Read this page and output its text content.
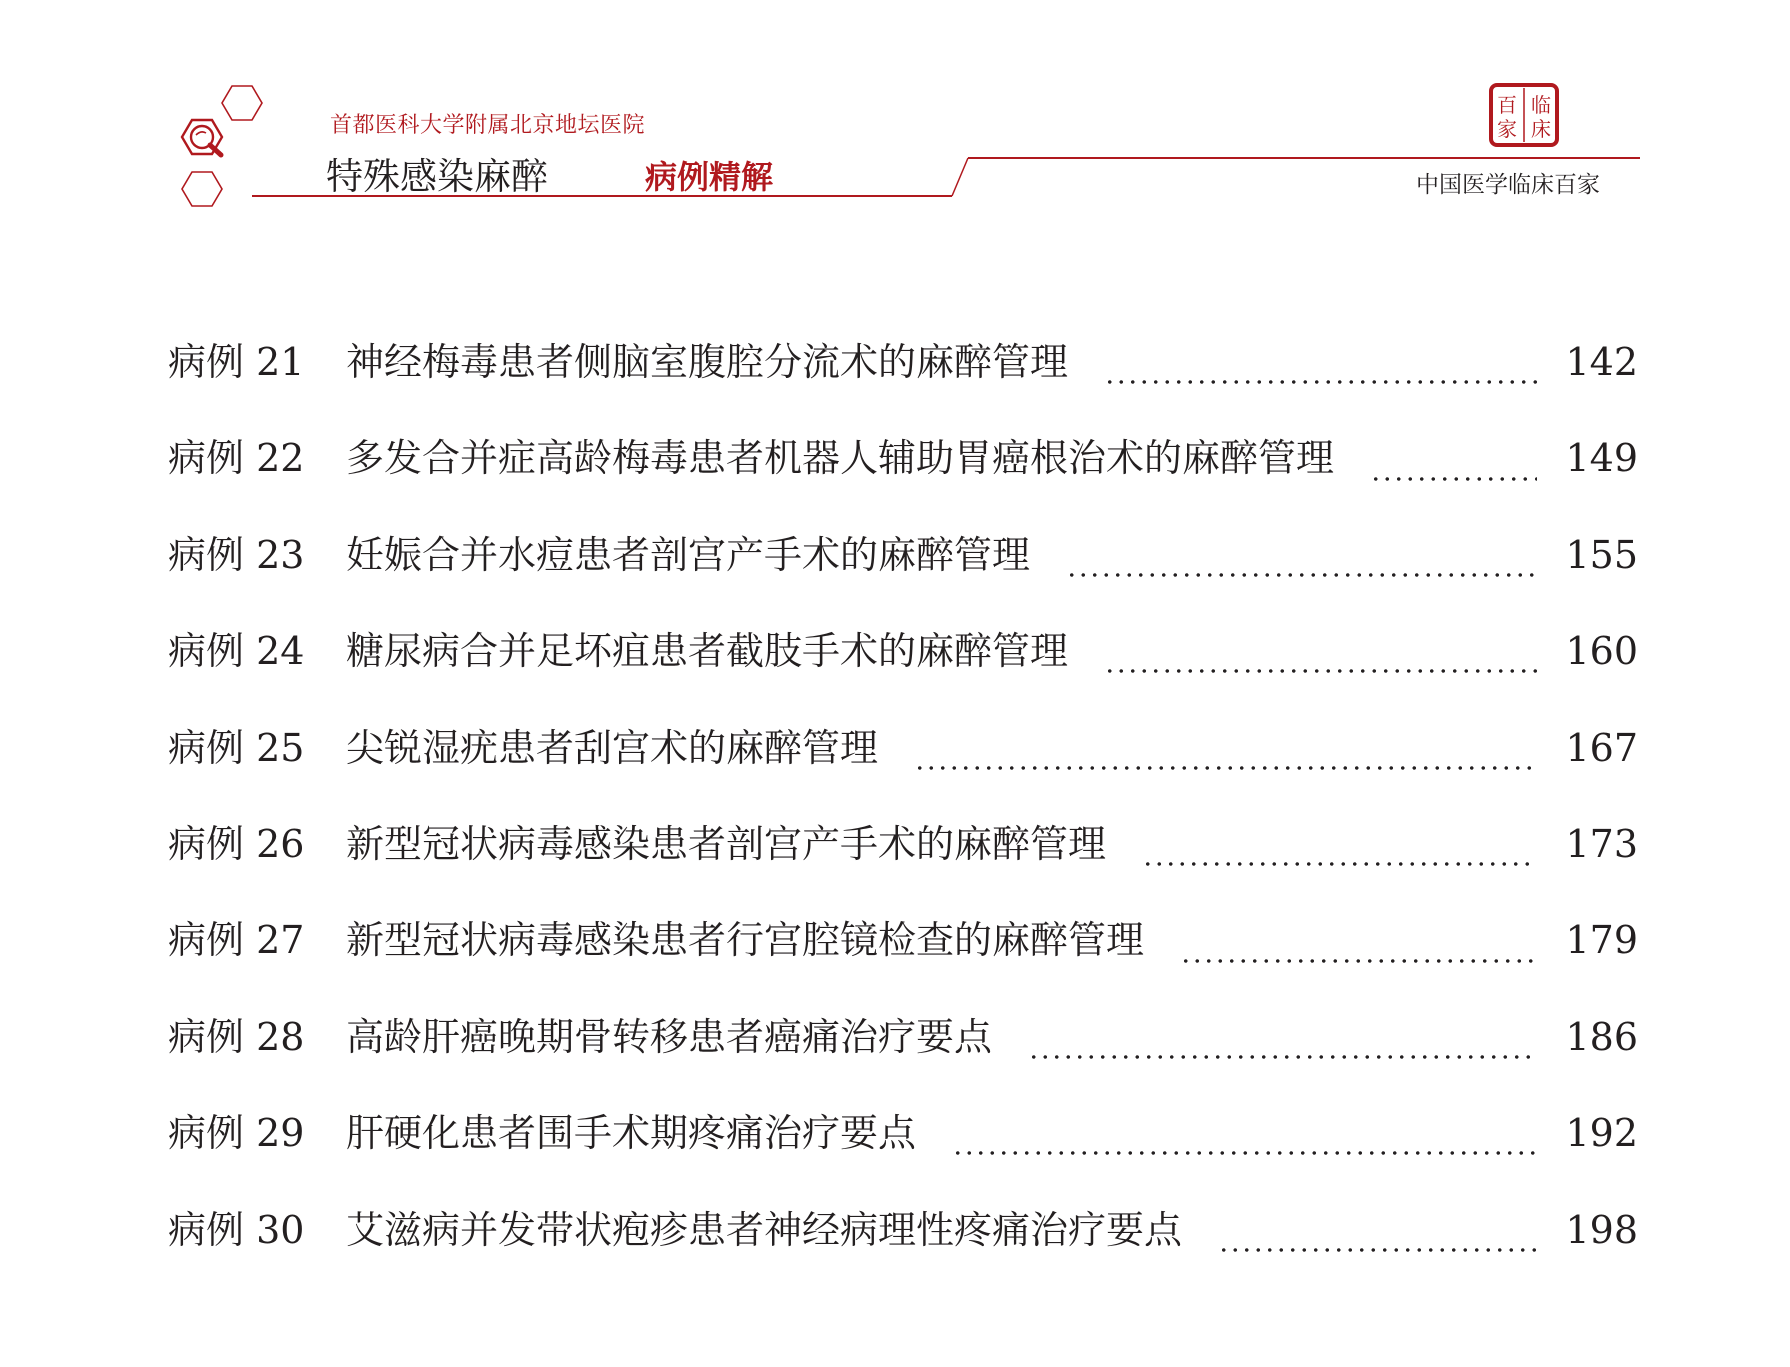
首都医科大学附属北京地坛医院
特殊感染麻醉	病例精解
百 临
家 床
中国医学临床百家
病例 21	神经梅毒患者侧脑室腹腔分流术的麻醉管理	142
病例 22	多发合并症高龄梅毒患者机器人辅助胃癌根治术的麻醉管理	149
病例 23	妊娠合并水痘患者剖宫产手术的麻醉管理	155
病例 24	糖尿病合并足坏疽患者截肢手术的麻醉管理	160
病例 25	尖锐湿疣患者刮宫术的麻醉管理	167
病例 26	新型冠状病毒感染患者剖宫产手术的麻醉管理	173
病例 27	新型冠状病毒感染患者行宫腔镜检查的麻醉管理	179
病例 28	高龄肝癌晚期骨转移患者癌痛治疗要点	186
病例 29	肝硬化患者围手术期疼痛治疗要点	192
病例 30	艾滋病并发带状疱疹患者神经病理性疼痛治疗要点	198
